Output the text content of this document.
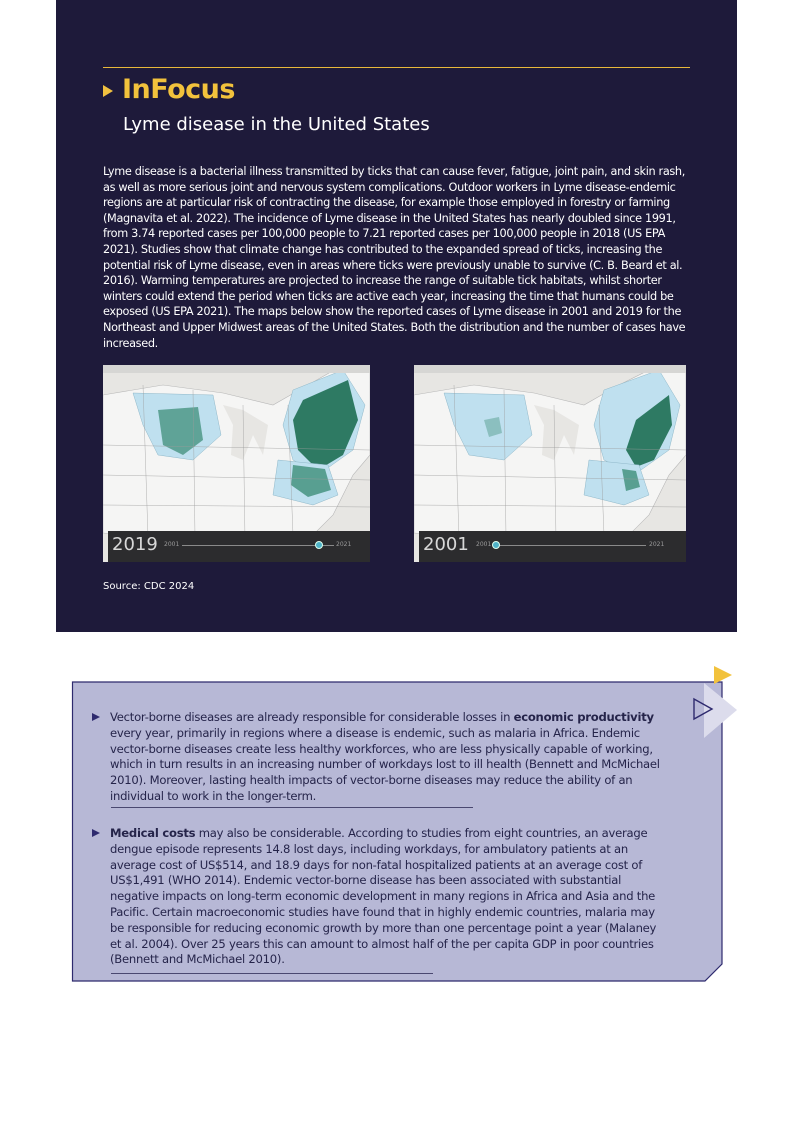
InFocus
Lyme disease in the United States
Lyme disease is a bacterial illness transmitted by ticks that can cause fever, fatigue, joint pain, and skin rash, as well as more serious joint and nervous system complications. Outdoor workers in Lyme disease-endemic regions are at particular risk of contracting the disease, for example those employed in forestry or farming (Magnavita et al. 2022). The incidence of Lyme disease in the United States has nearly doubled since 1991, from 3.74 reported cases per 100,000 people to 7.21 reported cases per 100,000 people in 2018 (US EPA 2021). Studies show that climate change has contributed to the expanded spread of ticks, increasing the potential risk of Lyme disease, even in areas where ticks were previously unable to survive (C. B. Beard et al. 2016). Warming temperatures are projected to increase the range of suitable tick habitats, whilst shorter winters could extend the period when ticks are active each year, increasing the time that humans could be exposed (US EPA 2021). The maps below show the reported cases of Lyme disease in 2001 and 2019 for the Northeast and Upper Midwest areas of the United States. Both the distribution and the number of cases have increased.
2019 2001	2021	2001 2001	2021
Source: CDC 2024
Vector-borne diseases are already responsible for considerable losses in economic productivity every year, primarily in regions where a disease is endemic, such as malaria in Africa. Endemic vector-borne diseases create less healthy workforces, who are less physically capable of working, which in turn results in an increasing number of workdays lost to ill health (Bennett and McMichael 2010). Moreover, lasting health impacts of vector-borne diseases may reduce the ability of an individual to work in the longer-term.
Medical costs may also be considerable. According to studies from eight countries, an average dengue episode represents 14.8 lost days, including workdays, for ambulatory patients at an average cost of US$514, and 18.9 days for non-fatal hospitalized patients at an average cost of US$1,491 (WHO 2014). Endemic vector-borne disease has been associated with substantial negative impacts on long-term economic development in many regions in Africa and Asia and the Pacific. Certain macroeconomic studies have found that in highly endemic countries, malaria may be responsible for reducing economic growth by more than one percentage point a year (Malaney et al. 2004). Over 25 years this can amount to almost half of the per capita GDP in poor countries (Bennett and McMichael 2010).
